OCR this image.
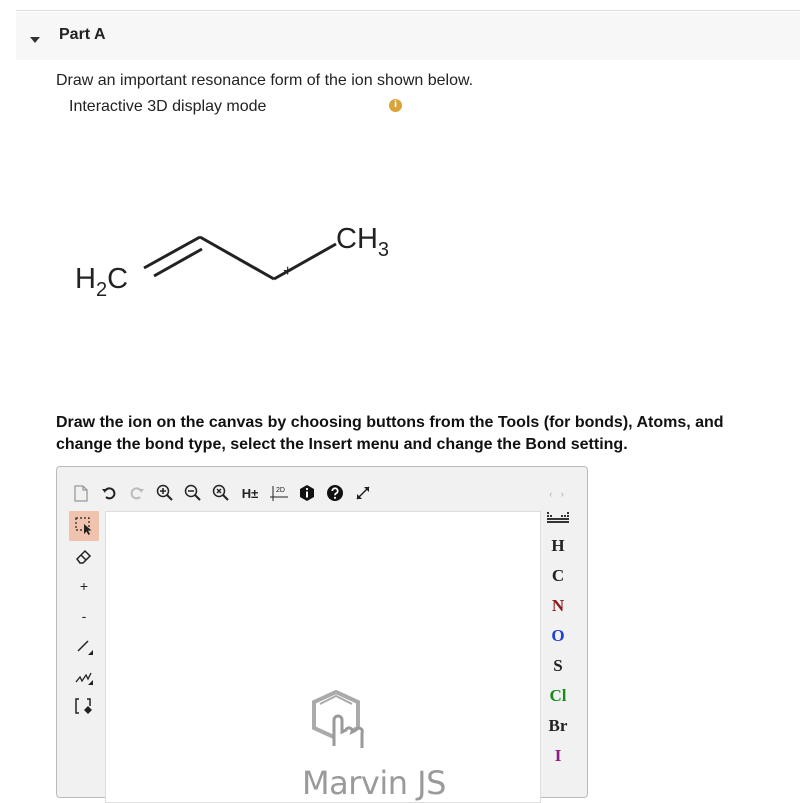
Part A
Draw an important resonance form of the ion shown below.
Interactive 3D display mode	i
$H_2C$	+
$CH_3$
Draw the ion on the canvas by choosing buttons from the Tools (for bonds), Atoms, and
change the bond type, select the Insert menu and change the Bond setting.
H±	2D
+
-
Marvin JS
‹ ›
H
C
N
O
S
Cl
Br
I
